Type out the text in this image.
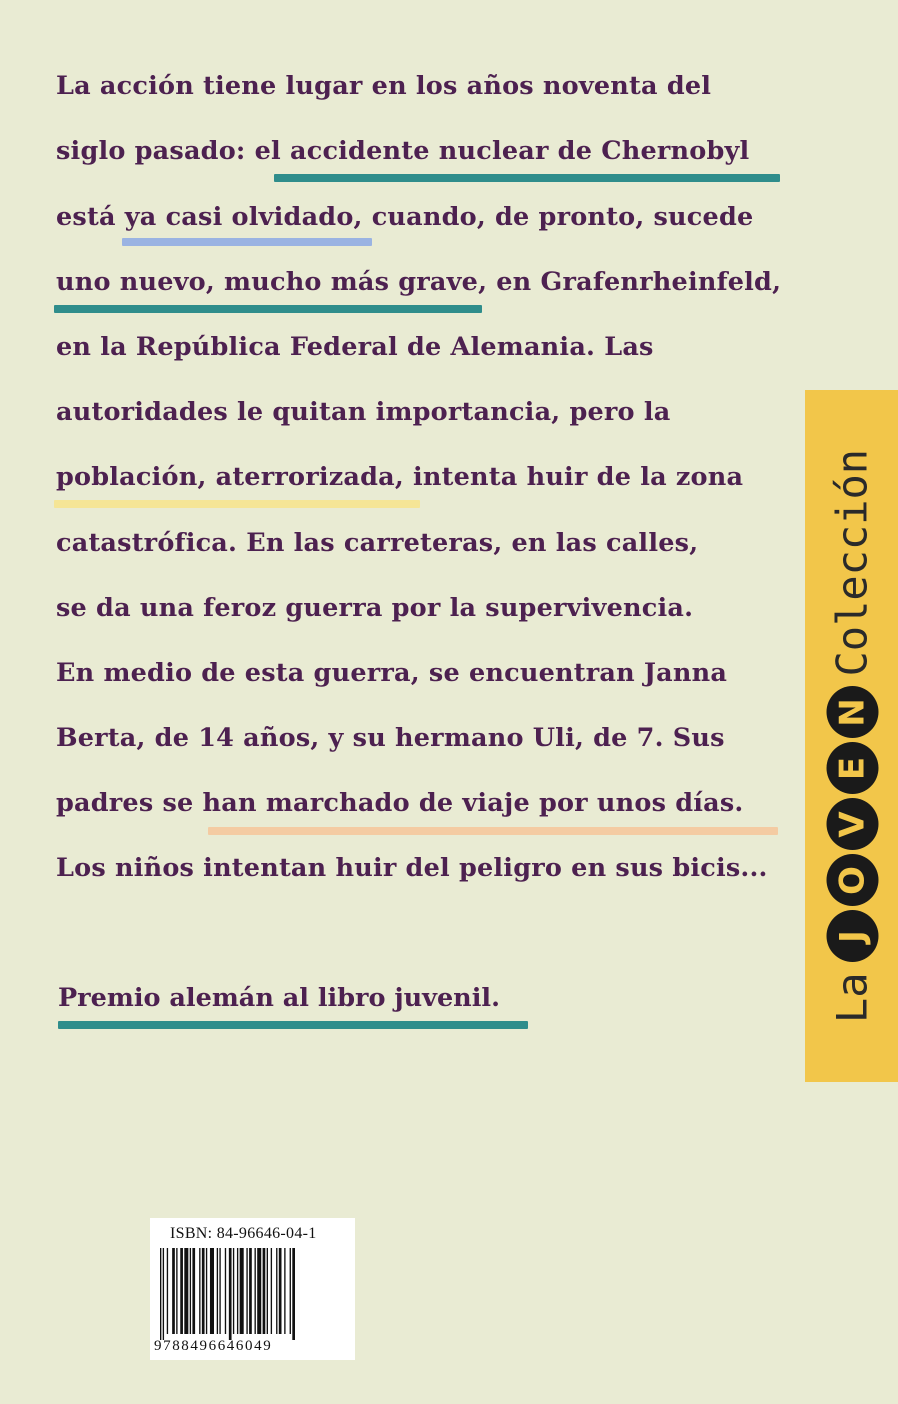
La acción tiene lugar en los años noventa del
siglo pasado: el accidente nuclear de Chernobyl
está ya casi olvidado, cuando, de pronto, sucede
uno nuevo, mucho más grave, en Grafenrheinfeld,
en la República Federal de Alemania. Las
autoridades le quitan importancia, pero la
población, aterrorizada, intenta huir de la zona
catastrófica. En las carreteras, en las calles,
se da una feroz guerra por la supervivencia.
En medio de esta guerra, se encuentran Janna
Berta, de 14 años, y su hermano Uli, de 7. Sus
padres se han marchado de viaje por unos días.
Los niños intentan huir del peligro en sus bicis...
Premio alemán al libro juvenil.	La
J
O
V
E
N
Colección
ISBN: 84-96646-04-1
9788496646049
